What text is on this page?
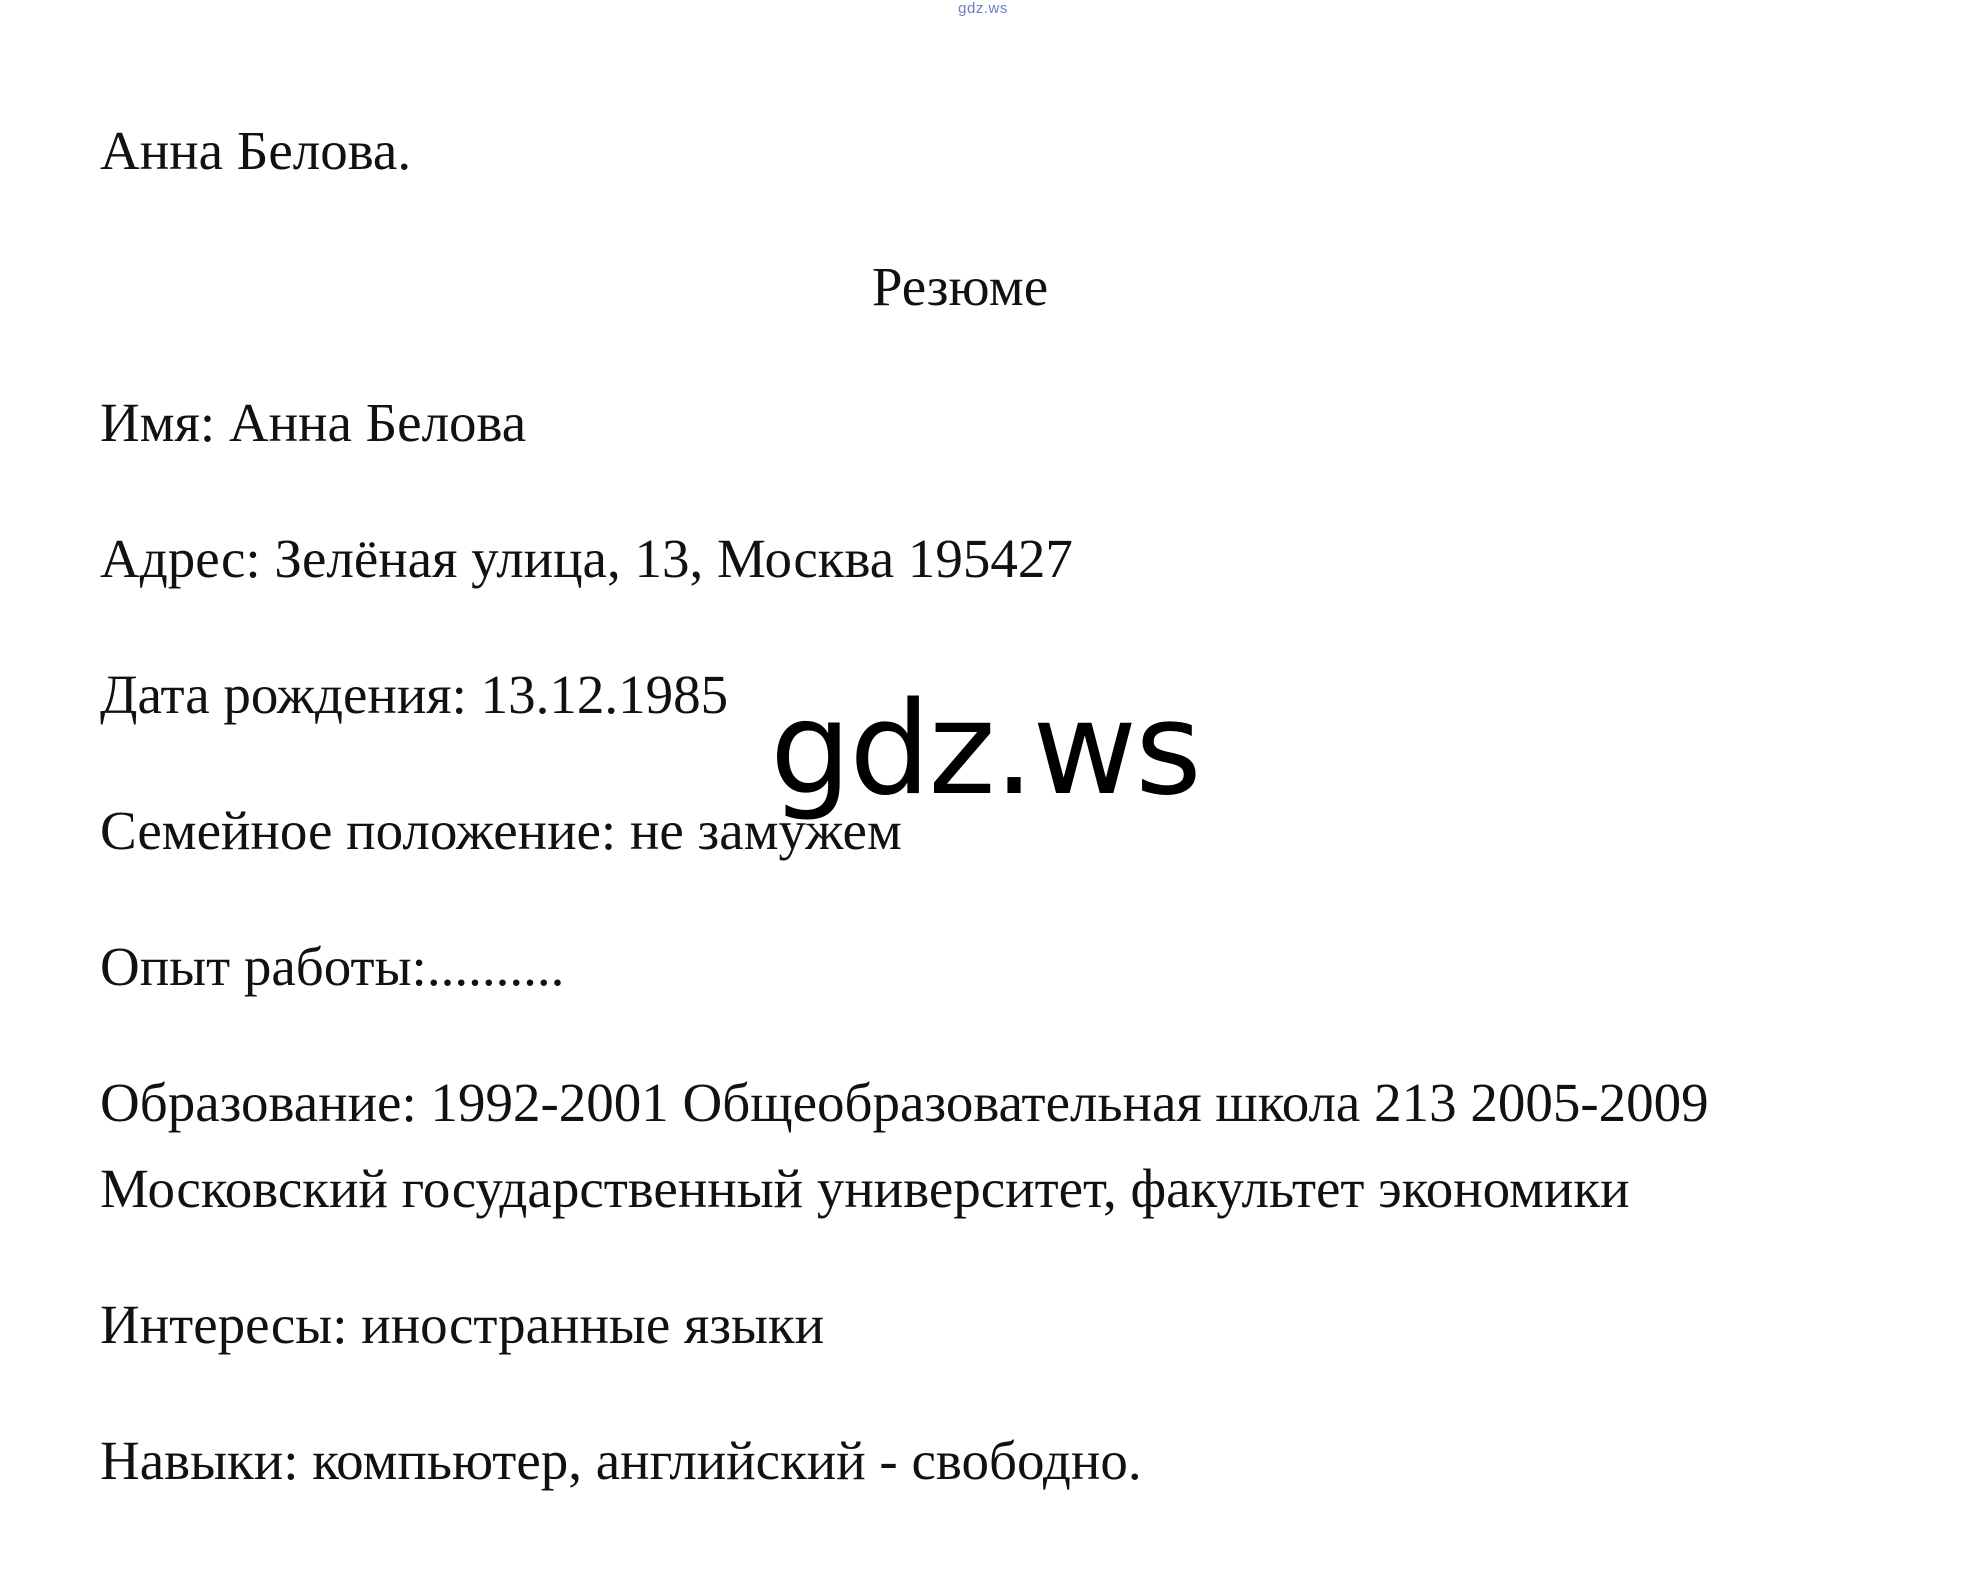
gdz.ws
Анна Белова.
Резюме
Имя: Анна Белова
Адрес: Зелёная улица, 13, Москва 195427
Дата рождения: 13.12.1985
Семейное положение: не замужем
Опыт работы:..........
Образование: 1992-2001 Общеобразовательная школа 213 2005-2009
Московский государственный университет, факультет экономики
Интересы: иностранные языки
Навыки: компьютер, английский - свободно.
gdz.ws
